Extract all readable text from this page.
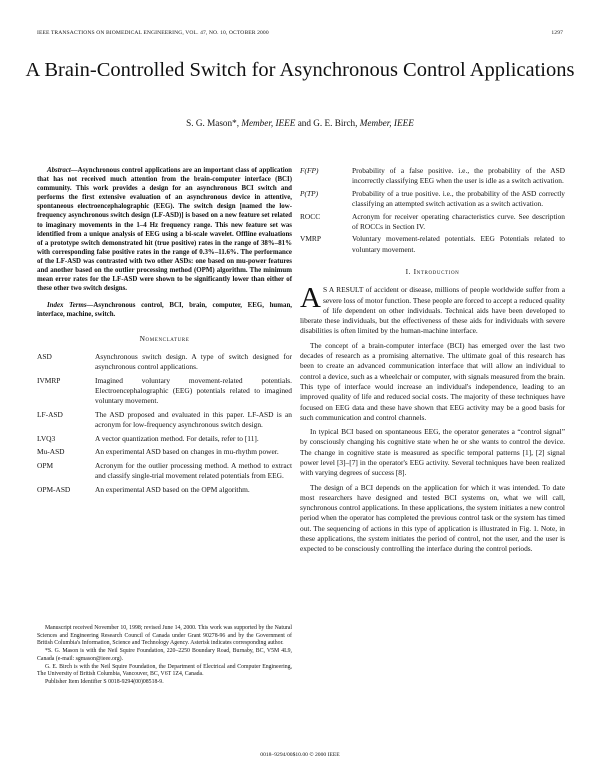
IEEE TRANSACTIONS ON BIOMEDICAL ENGINEERING, VOL. 47, NO. 10, OCTOBER 2000	1297
A Brain-Controlled Switch for Asynchronous Control Applications
S. G. Mason*, Member, IEEE and G. E. Birch, Member, IEEE

Abstract—Asynchronous control applications are an important class of application that has not received much attention from the brain-computer interface (BCI) community. This work provides a design for an asynchronous BCI switch and performs the first extensive evaluation of an asynchronous device in attentive, spontaneous electroencephalographic (EEG). The switch design [named the low-frequency asynchronous switch design (LF-ASD)] is based on a new feature set related to imaginary movements in the 1–4 Hz frequency range. This new feature set was identified from a unique analysis of EEG using a bi-scale wavelet. Offline evaluations of a prototype switch demonstrated hit (true positive) rates in the range of 38%–81% with corresponding false positive rates in the range of 0.3%–11.6%. The performance of the LF-ASD was contrasted with two other ASDs: one based on mu-power features and another based on the outlier processing method (OPM) algorithm. The minimum mean error rates for the LF-ASD were shown to be significantly lower than either of these other two switch designs.

Index Terms—Asynchronous control, BCI, brain, computer, EEG, human, interface, machine, switch.

Nomenclature
ASD	Asynchronous switch design. A type of switch designed for asynchronous control applications.
IVMRP	Imagined voluntary movement-related potentials. Electroencephalographic (EEG) potentials related to imagined voluntary movement.
LF-ASD	The ASD proposed and evaluated in this paper. LF-ASD is an acronym for low-frequency asynchronous switch design.
LVQ3	A vector quantization method. For details, refer to [11].
Mu-ASD	An experimental ASD based on changes in mu-rhythm power.
OPM	Acronym for the outlier processing method. A method to extract and classify single-trial movement related potentials from EEG.
OPM-ASD	An experimental ASD based on the OPM algorithm.

Manuscript received November 10, 1998; revised June 14, 2000. This work was supported by the Natural Sciences and Engineering Research Council of Canada under Grant 90278-96 and by the Government of British Columbia's Information, Science and Technology Agency. Asterisk indicates corresponding author.

*S. G. Mason is with the Neil Squire Foundation, 220–2250 Boundary Road, Burnaby, BC, V5M 4L9, Canada (e-mail: sgmason@ieee.org).

G. E. Birch is with the Neil Squire Foundation, the Department of Electrical and Computer Engineering, The University of British Columbia, Vancouver, BC, V6T 1Z4, Canada.

Publisher Item Identifier S 0018-9294(00)08518-9.

F(FP)	Probability of a false positive. i.e., the probability of the ASD incorrectly classifying EEG when the user is idle as a switch activation.
P(TP)	Probability of a true positive. i.e., the probability of the ASD correctly classifying an attempted switch activation as a switch activation.
ROCC	Acronym for receiver operating characteristics curve. See description of ROCCs in Section IV.
VMRP	Voluntary movement-related potentials. EEG Potentials related to voluntary movement.
I. Introduction

A S A RESULT of accident or disease, millions of people worldwide suffer from a severe loss of motor function. These people are forced to accept a reduced quality of life dependent on other individuals. Technical aids have been developed to liberate these individuals, but the effectiveness of these aids for individuals with severe disabilities is often limited by the human-machine interface.

The concept of a brain-computer interface (BCI) has emerged over the last two decades of research as a promising alternative. The ultimate goal of this research has been to create an advanced communication interface that will allow an individual to control a device, such as a wheelchair or computer, with signals measured from the brain. This type of interface would increase an individual's independence, leading to an improved quality of life and reduced social costs. The majority of these techniques have focused on EEG data and these have shown that EEG activity may be a good basis for such communication and control channels.

In typical BCI based on spontaneous EEG, the operator generates a “control signal” by consciously changing his cognitive state when he or she wants to control the device. The change in cognitive state is measured as specific temporal patterns [1], [2] signal power level [3]–[7] in the operator's EEG activity. Several techniques have been realized with varying degrees of success [8].

The design of a BCI depends on the application for which it was intended. To date most researchers have designed and tested BCI systems on, what we will call, synchronous control applications. In these applications, the system initiates a new control period when the operator has completed the previous control task or the system has timed out. The sequencing of actions in this type of application is illustrated in Fig. 1. Note, in these applications, the system initiates the period of control, not the user, and the user is expected to be consciously controlling the interface during the control periods.

0018–9294/00$10.00 © 2000 IEEE
